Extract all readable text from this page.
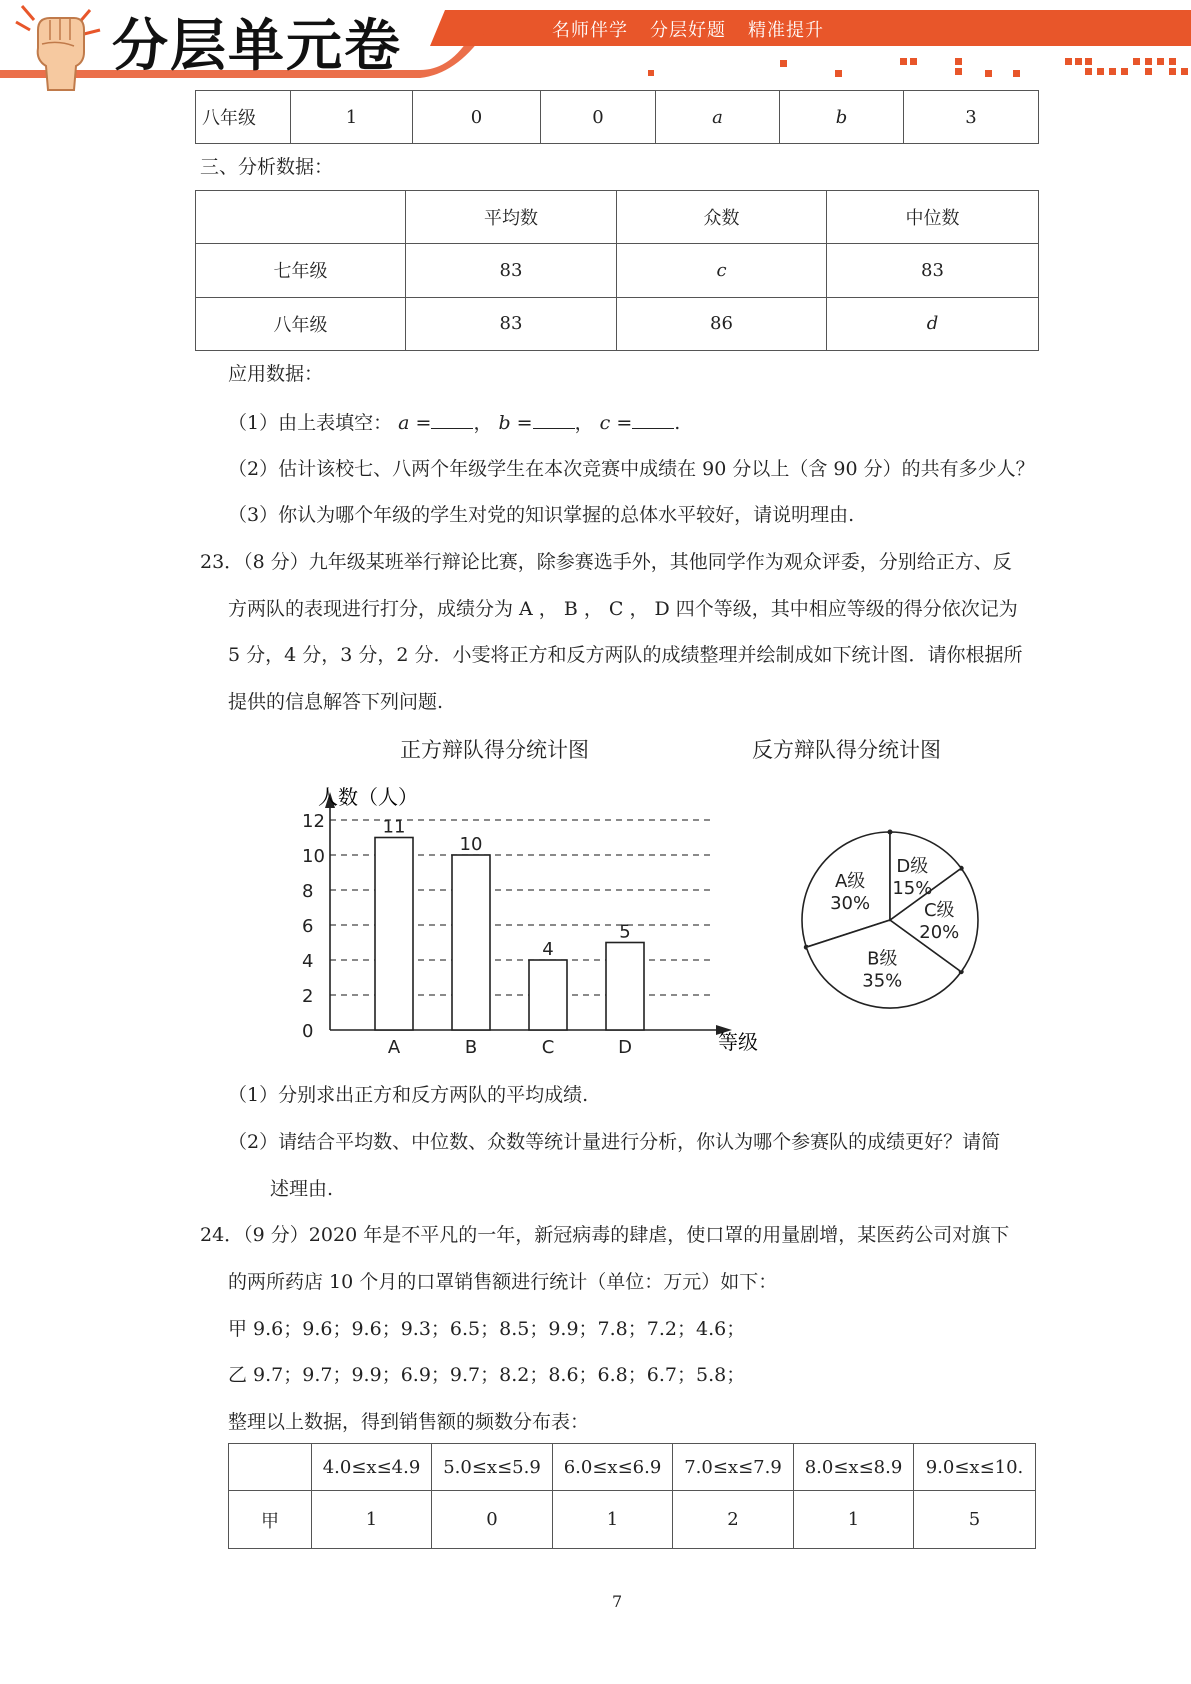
分层单元卷	名师伴学 分层好题 精准提升
八年级	1	0	0	a	b	3
三、分析数据：
	平均数	众数	中位数
七年级	83	c	83
八年级	83	86	d
应用数据：
（1）由上表填空： a = ， b = ， c = .
（2）估计该校七、八两个年级学生在本次竞赛中成绩在 90 分以上（含 90 分）的共有多少人？
（3）你认为哪个年级的学生对党的知识掌握的总体水平较好，请说明理由.
23．（8 分）九年级某班举行辩论比赛，除参赛选手外，其他同学作为观众评委，分别给正方、反
方两队的表现进行打分，成绩分为 A ， B ， C ， D 四个等级，其中相应等级的得分依次记为
5 分，4 分，3 分，2 分．小雯将正方和反方两队的成绩整理并绘制成如下统计图．请你根据所
提供的信息解答下列问题.
正方辩队得分统计图	反方辩队得分统计图
0
2
4
6
8
10
12	11
A
10
B
4
C
5
D
人数（人）
等级
A级
30%
B级
35%
C级
20%
D级
15%
（1）分别求出正方和反方两队的平均成绩.
（2）请结合平均数、中位数、众数等统计量进行分析，你认为哪个参赛队的成绩更好？请简
述理由.
24．（9 分）2020 年是不平凡的一年，新冠病毒的肆虐，使口罩的用量剧增，某医药公司对旗下
的两所药店 10 个月的口罩销售额进行统计（单位：万元）如下：
甲 9.6；9.6；9.6；9.3；6.5；8.5；9.9；7.8；7.2；4.6；
乙 9.7；9.7；9.9；6.9；9.7；8.2；8.6；6.8；6.7；5.8；
整理以上数据，得到销售额的频数分布表：
	4.0≤x≤4.9	5.0≤x≤5.9	6.0≤x≤6.9	7.0≤x≤7.9	8.0≤x≤8.9	9.0≤x≤10.
甲	1	0	1	2	1	5
7
